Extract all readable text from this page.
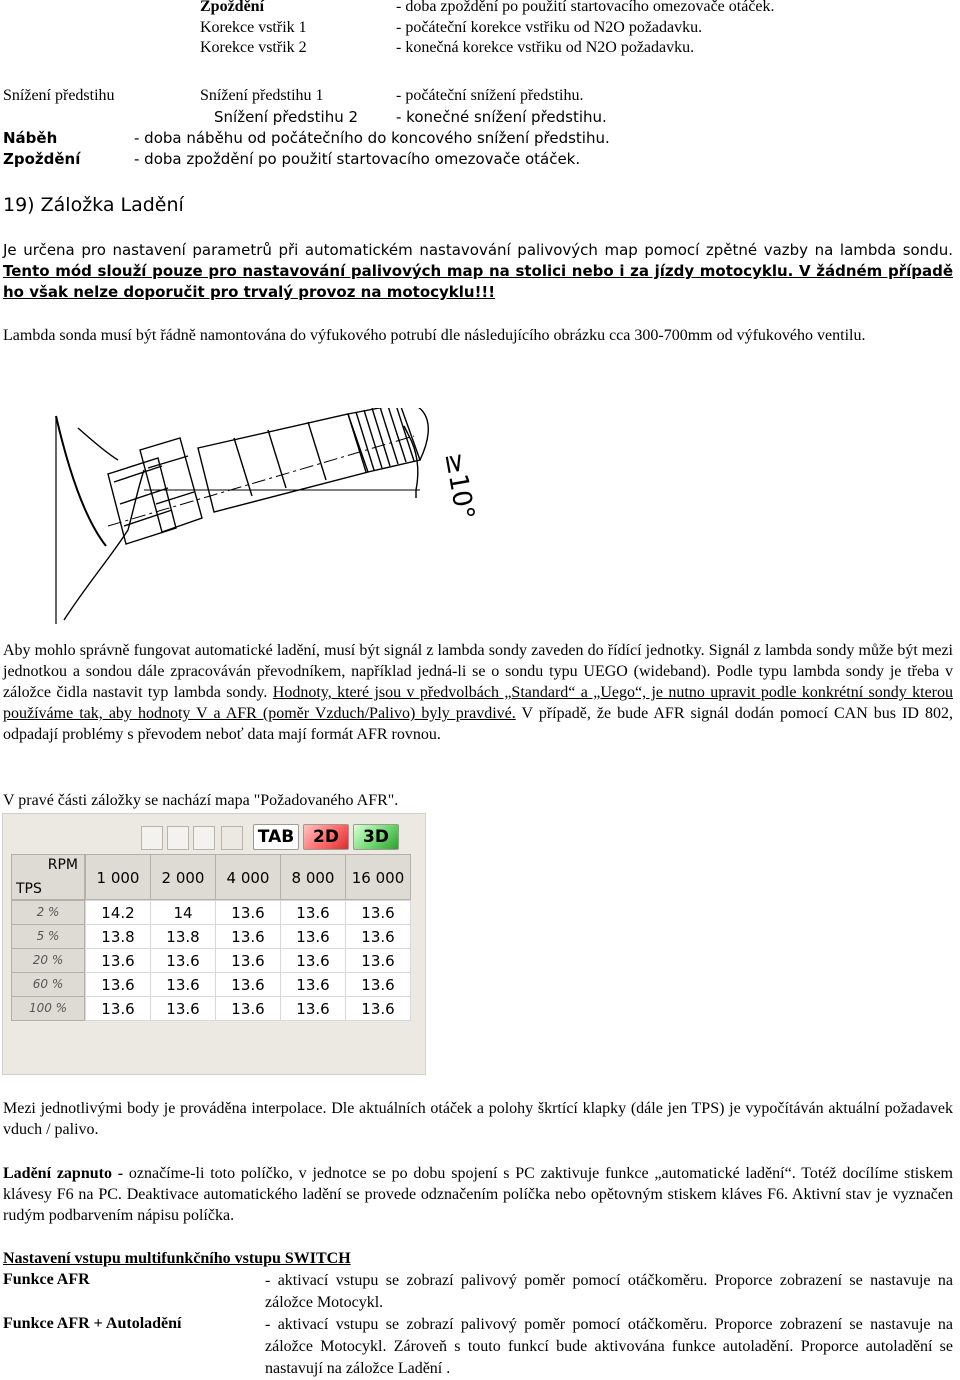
Zpoždění	- doba zpoždění po použití startovacího omezovače otáček.
Korekce vstřik 1	- počáteční korekce vstřiku od N2O požadavku.
Korekce vstřik 2	- konečná korekce vstřiku od N2O požadavku.
Snížení předstihu	Snížení předstihu 1	- počáteční snížení předstihu.
Snížení předstihu 2	- konečné snížení předstihu.
Náběh	- doba náběhu od počátečního do koncového snížení předstihu.
Zpoždění	- doba zpoždění po použití startovacího omezovače otáček.
19) Záložka Ladění
Je určena pro nastavení parametrů při automatickém nastavování palivových map pomocí zpětné vazby na lambda sondu. Tento mód slouží pouze pro nastavování palivových map na stolici nebo i za jízdy motocyklu. V žádném případě ho však nelze doporučit pro trvalý provoz na motocyklu!!!
Lambda sonda musí být řádně namontována do výfukového potrubí dle následujícího obrázku cca 300-700mm od výfukového ventilu.
≥10°
Aby mohlo správně fungovat automatické ladění, musí být signál z lambda sondy zaveden do řídící jednotky. Signál z lambda sondy může být mezi jednotkou a sondou dále zpracováván převodníkem, například jedná-li se o sondu typu UEGO (wideband). Podle typu lambda sondy je třeba v záložce čidla nastavit typ lambda sondy. Hodnoty, které jsou v předvolbách „Standard“ a „Uego“, je nutno upravit podle konkrétní sondy kterou používáme tak, aby hodnoty V a AFR (poměr Vzduch/Palivo) byly pravdivé. V případě, že bude AFR signál dodán pomocí CAN bus ID 802, odpadají problémy s převodem neboť data mají formát AFR rovnou.
V pravé části záložky se nachází mapa "Požadovaného AFR".
TAB	2D	3D
RPM
TPS
1 000	2 000	4 000	8 000	16 000
2 %	14.2	14	13.6	13.6	13.6
5 %	13.8	13.8	13.6	13.6	13.6
20 %	13.6	13.6	13.6	13.6	13.6
60 %	13.6	13.6	13.6	13.6	13.6
100 %	13.6	13.6	13.6	13.6	13.6
Mezi jednotlivými body je prováděna interpolace. Dle aktuálních otáček a polohy škrtící klapky (dále jen TPS) je vypočítáván aktuální požadavek vduch / palivo.
Ladění zapnuto - označíme-li toto políčko, v jednotce se po dobu spojení s PC zaktivuje funkce „automatické ladění“. Totéž docílíme stiskem klávesy F6 na PC. Deaktivace automatického ladění se provede odznačením políčka nebo opětovným stiskem kláves F6. Aktivní stav je vyznačen rudým podbarvením nápisu políčka.
Nastavení vstupu multifunkčního vstupu SWITCH
Funkce AFR	- aktivací vstupu se zobrazí palivový poměr pomocí otáčkoměru. Proporce zobrazení se nastavuje na záložce Motocykl.
Funkce AFR + Autoladění	- aktivací vstupu se zobrazí palivový poměr pomocí otáčkoměru. Proporce zobrazení se nastavuje na záložce Motocykl. Zároveň s touto funkcí bude aktivována funkce autoladění. Proporce autoladění se nastavují na záložce Ladění .
